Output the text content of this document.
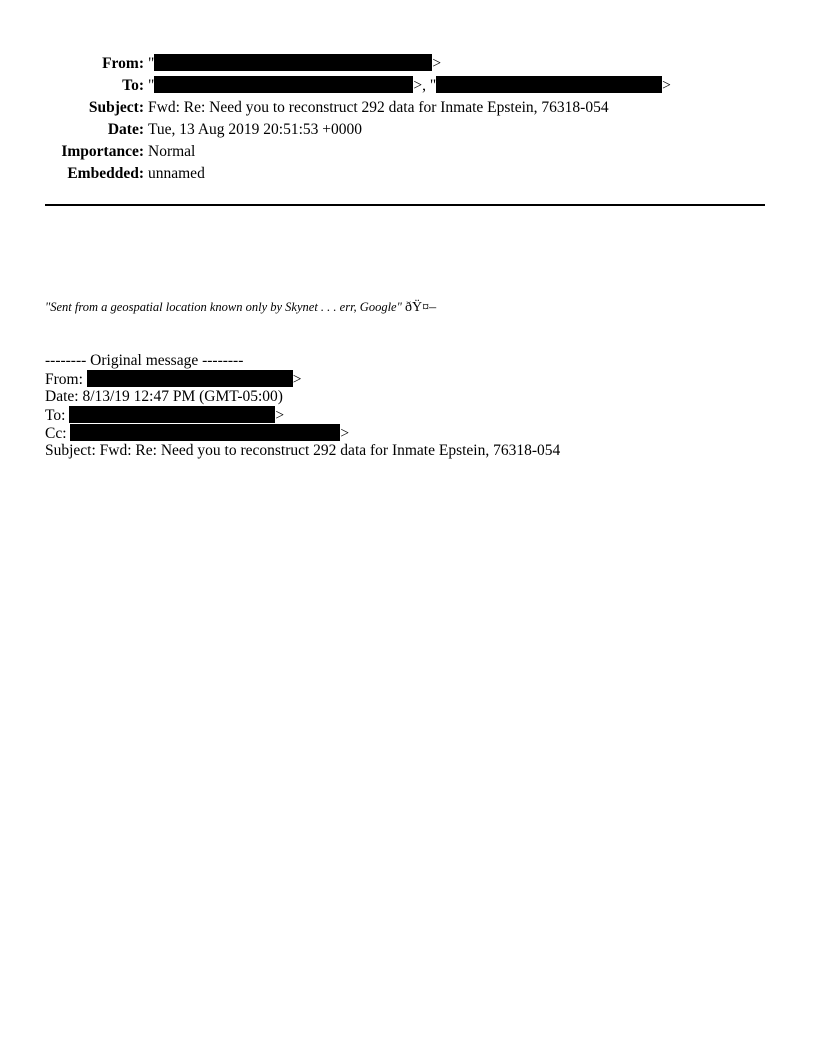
From: "	>
To: "	>, "	>
Subject: Fwd: Re: Need you to reconstruct 292 data for Inmate Epstein, 76318-054
Date: Tue, 13 Aug 2019 20:51:53 +0000
Importance: Normal
Embedded: unnamed
"Sent from a geospatial location known only by Skynet . . . err, Google" ðŸ¤–
-------- Original message --------
From:	>
Date: 8/13/19 12:47 PM (GMT-05:00)
To:	>
Cc:	>
Subject: Fwd: Re: Need you to reconstruct 292 data for Inmate Epstein, 76318-054
